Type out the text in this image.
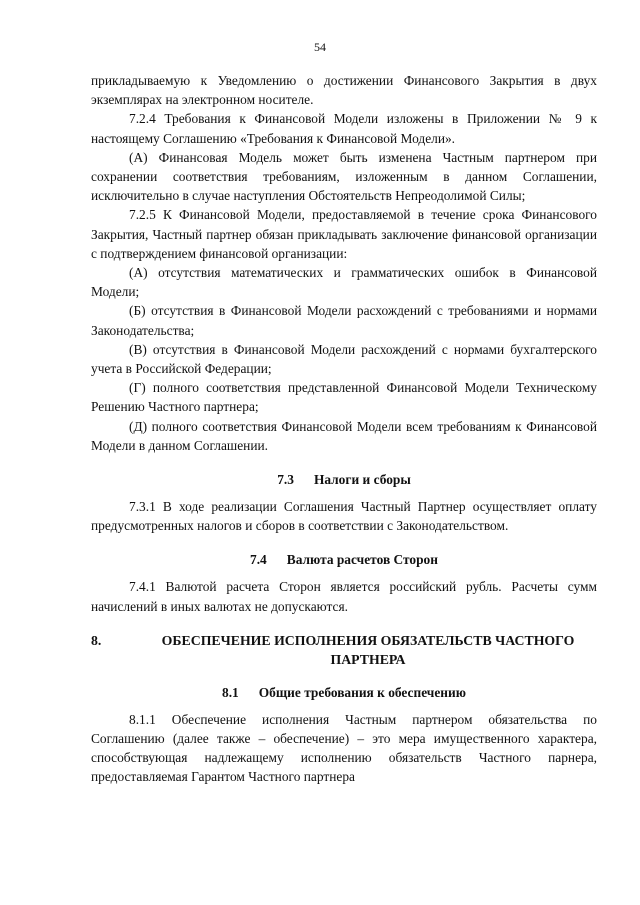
54

прикладываемую к Уведомлению о достижении Финансового Закрытия в двух экземплярах на электронном носителе.

7.2.4 Требования к Финансовой Модели изложены в Приложении № 9 к настоящему Соглашению «Требования к Финансовой Модели».

(А) Финансовая Модель может быть изменена Частным партнером при сохранении соответствия требованиям, изложенным в данном Соглашении, исключительно в случае наступления Обстоятельств Непреодолимой Силы;

7.2.5 К Финансовой Модели, предоставляемой в течение срока Финансового Закрытия, Частный партнер обязан прикладывать заключение финансовой организации с подтверждением финансовой организации:

(А) отсутствия математических и грамматических ошибок в Финансовой Модели;

(Б) отсутствия в Финансовой Модели расхождений с требованиями и нормами Законодательства;

(В) отсутствия в Финансовой Модели расхождений с нормами бухгалтерского учета в Российской Федерации;

(Г) полного соответствия представленной Финансовой Модели Техническому Решению Частного партнера;

(Д) полного соответствия Финансовой Модели всем требованиям к Финансовой Модели в данном Соглашении.

7.3 Налоги и сборы

7.3.1 В ходе реализации Соглашения Частный Партнер осуществляет оплату предусмотренных налогов и сборов в соответствии с Законодательством.

7.4 Валюта расчетов Сторон

7.4.1 Валютой расчета Сторон является российский рубль. Расчеты сумм начислений в иных валютах не допускаются.

8.	ОБЕСПЕЧЕНИЕ ИСПОЛНЕНИЯ ОБЯЗАТЕЛЬСТВ ЧАСТНОГО ПАРТНЕРА

8.1 Общие требования к обеспечению

8.1.1 Обеспечение исполнения Частным партнером обязательства по Соглашению (далее также – обеспечение) – это мера имущественного характера, способствующая надлежащему исполнению обязательств Частного парнера, предоставляемая Гарантом Частного партнера
